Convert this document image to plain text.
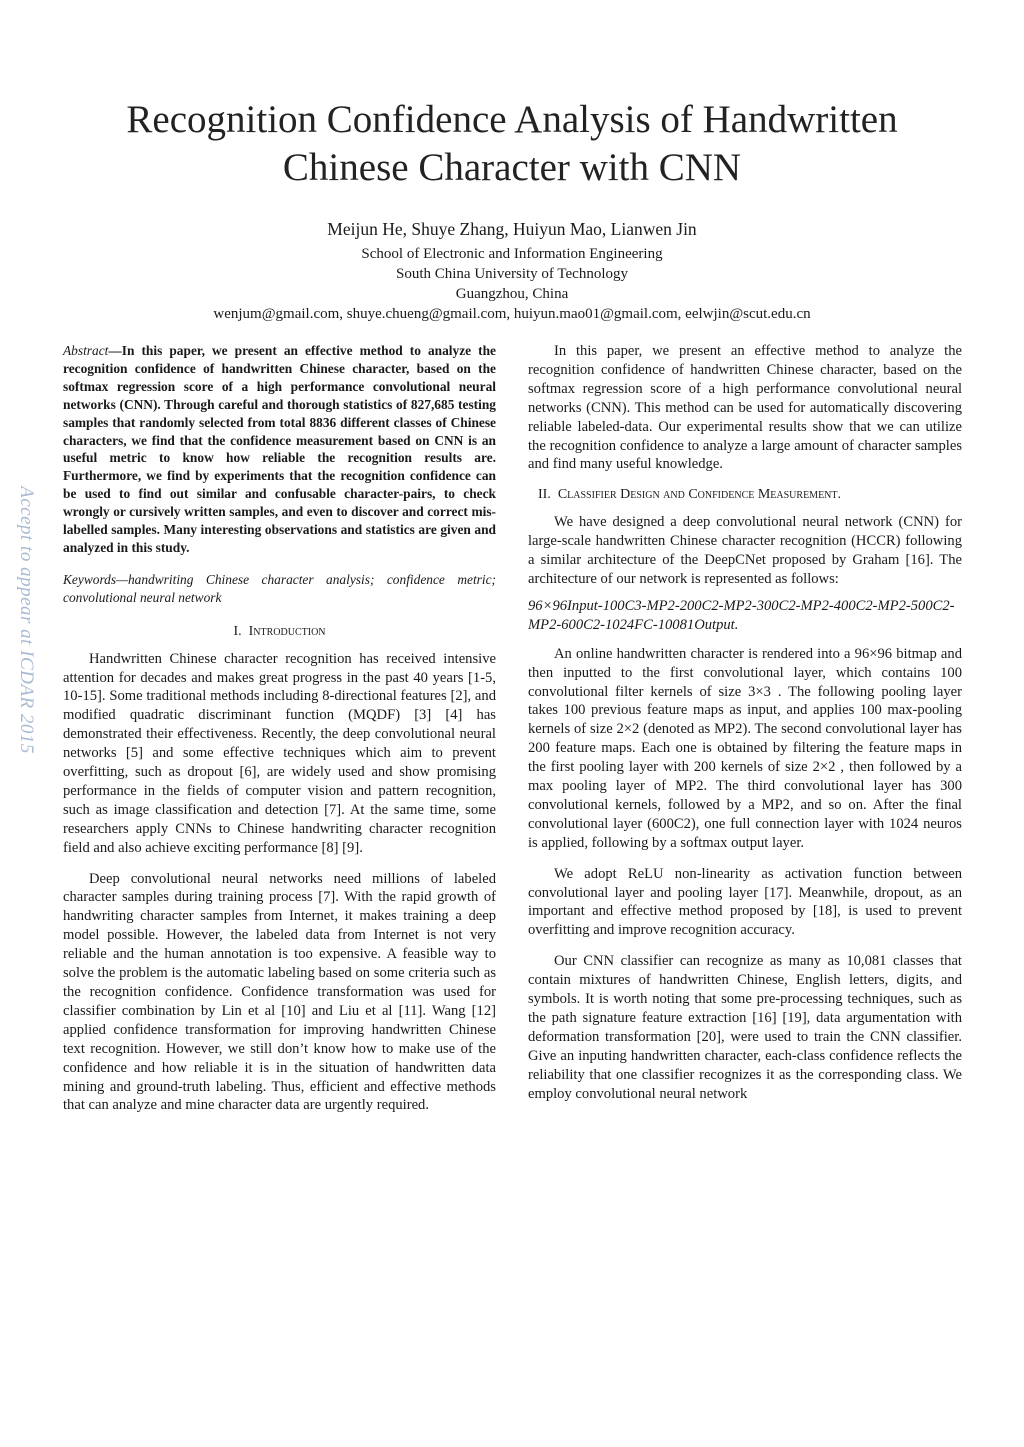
Recognition Confidence Analysis of Handwritten
Chinese Character with CNN

Meijun He, Shuye Zhang, Huiyun Mao, Lianwen Jin

School of Electronic and Information Engineering
South China University of Technology
Guangzhou, China
wenjum@gmail.com, shuye.chueng@gmail.com, huiyun.mao01@gmail.com, eelwjin@scut.edu.cn
Accept to appear at ICDAR 2015

Abstract—In this paper, we present an effective method to analyze the recognition confidence of handwritten Chinese character, based on the softmax regression score of a high performance convolutional neural networks (CNN). Through careful and thorough statistics of 827,685 testing samples that randomly selected from total 8836 different classes of Chinese characters, we find that the confidence measurement based on CNN is an useful metric to know how reliable the recognition results are. Furthermore, we find by experiments that the recognition confidence can be used to find out similar and confusable character-pairs, to check wrongly or cursively written samples, and even to discover and correct mis-labelled samples. Many interesting observations and statistics are given and analyzed in this study.

Keywords—handwriting Chinese character analysis; confidence metric; convolutional neural network

I. Introduction

Handwritten Chinese character recognition has received intensive attention for decades and makes great progress in the past 40 years [1-5, 10-15]. Some traditional methods including 8-directional features [2], and modified quadratic discriminant function (MQDF) [3] [4] has demonstrated their effectiveness. Recently, the deep convolutional neural networks [5] and some effective techniques which aim to prevent overfitting, such as dropout [6], are widely used and show promising performance in the fields of computer vision and pattern recognition, such as image classification and detection [7]. At the same time, some researchers apply CNNs to Chinese handwriting character recognition field and also achieve exciting performance [8] [9].

Deep convolutional neural networks need millions of labeled character samples during training process [7]. With the rapid growth of handwriting character samples from Internet, it makes training a deep model possible. However, the labeled data from Internet is not very reliable and the human annotation is too expensive. A feasible way to solve the problem is the automatic labeling based on some criteria such as the recognition confidence. Confidence transformation was used for classifier combination by Lin et al [10] and Liu et al [11]. Wang [12] applied confidence transformation for improving handwritten Chinese text recognition. However, we still don’t know how to make use of the confidence and how reliable it is in the situation of handwritten data mining and ground-truth labeling. Thus, efficient and effective methods that can analyze and mine character data are urgently required.

In this paper, we present an effective method to analyze the recognition confidence of handwritten Chinese character, based on the softmax regression score of a high performance convolutional neural networks (CNN). This method can be used for automatically discovering reliable labeled-data. Our experimental results show that we can utilize the recognition confidence to analyze a large amount of character samples and find many useful knowledge.

II. Classifier Design and Confidence Measurement.

We have designed a deep convolutional neural network (CNN) for large-scale handwritten Chinese character recognition (HCCR) following a similar architecture of the DeepCNet proposed by Graham [16]. The architecture of our network is represented as follows:

96×96Input-100C3-MP2-200C2-MP2-300C2-MP2-400C2-MP2-500C2-MP2-600C2-1024FC-10081Output.

An online handwritten character is rendered into a 96×96 bitmap and then inputted to the first convolutional layer, which contains 100 convolutional filter kernels of size 3×3 . The following pooling layer takes 100 previous feature maps as input, and applies 100 max-pooling kernels of size 2×2 (denoted as MP2). The second convolutional layer has 200 feature maps. Each one is obtained by filtering the feature maps in the first pooling layer with 200 kernels of size 2×2 , then followed by a max pooling layer of MP2. The third convolutional layer has 300 convolutional kernels, followed by a MP2, and so on. After the final convolutional layer (600C2), one full connection layer with 1024 neuros is applied, following by a softmax output layer.

We adopt ReLU non-linearity as activation function between convolutional layer and pooling layer [17]. Meanwhile, dropout, as an important and effective method proposed by [18], is used to prevent overfitting and improve recognition accuracy.

Our CNN classifier can recognize as many as 10,081 classes that contain mixtures of handwritten Chinese, English letters, digits, and symbols. It is worth noting that some pre-processing techniques, such as the path signature feature extraction [16] [19], data argumentation with deformation transformation [20], were used to train the CNN classifier. Give an inputing handwritten character, each-class confidence reflects the reliability that one classifier recognizes it as the corresponding class. We employ convolutional neural network
